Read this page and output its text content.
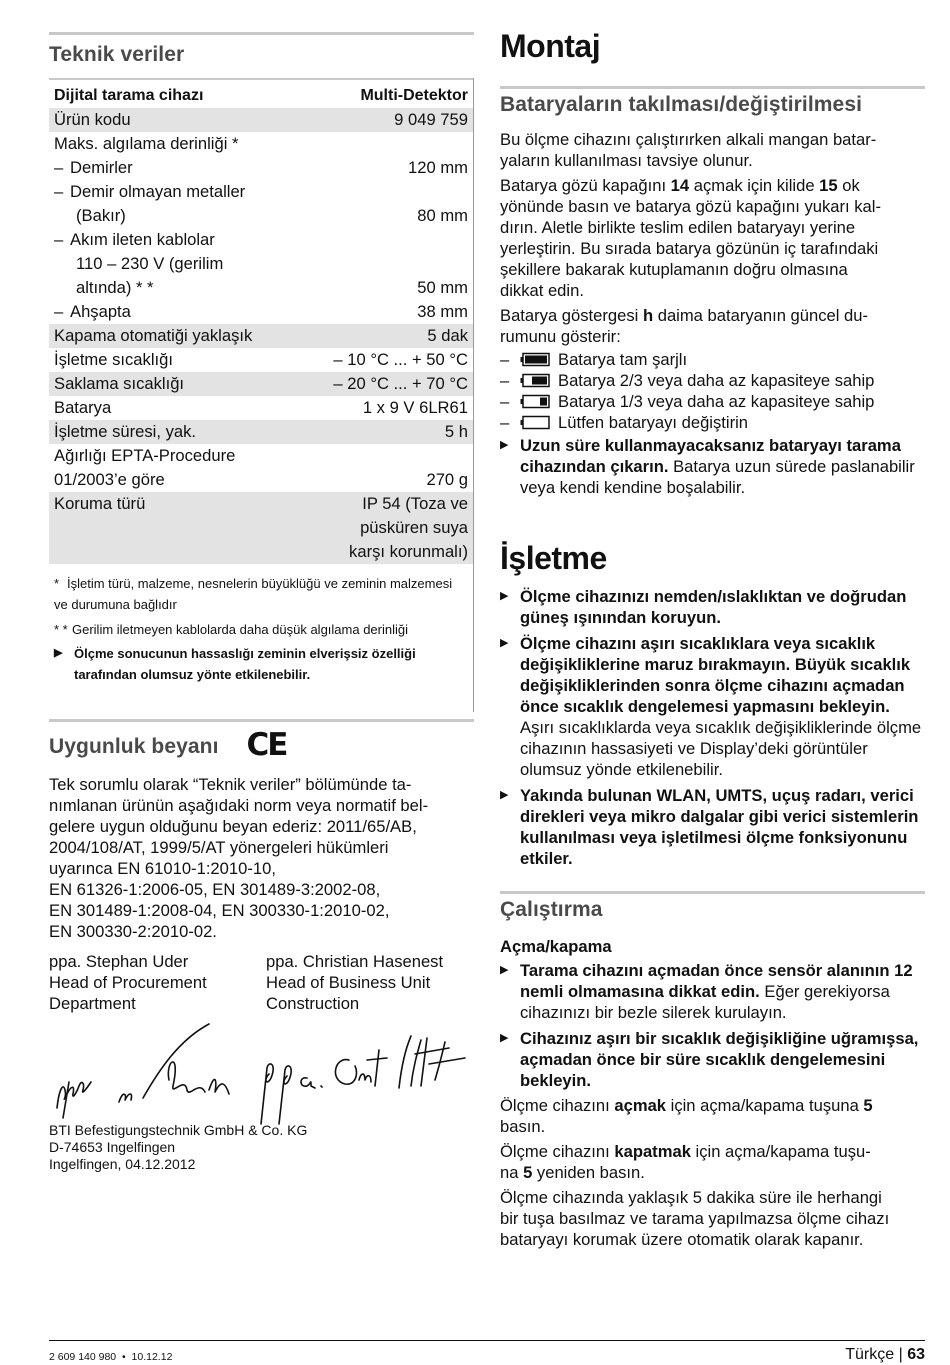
Teknik veriler
Dijital tarama cihazı	Multi-Detektor
Ürün kodu	9 049 759
Maks. algılama derinliği *
– Demirler	120 mm
– Demir olmayan metaller
(Bakır)	80 mm
– Akım ileten kablolar
110 – 230 V (gerilim
altında) * *	50 mm
– Ahşapta	38 mm
Kapama otomatiği yaklaşık	5 dak
İşletme sıcaklığı	– 10 °C ... + 50 °C
Saklama sıcaklığı	– 20 °C ... + 70 °C
Batarya	1 x 9 V 6LR61
İşletme süresi, yak.	5 h
Ağırlığı EPTA-Procedure
01/2003’e göre	270 g
Koruma türü	IP 54 (Toza ve
püsküren suya
karşı korunmalı)
* İşletim türü, malzeme, nesnelerin büyüklüğü ve zeminin malzemesi ve durumuna bağlıdır
* * Gerilim iletmeyen kablolarda daha düşük algılama derinliği
▶ Ölçme sonucunun hassaslığı zeminin elverişsiz özelliği tarafından olumsuz yönte etkilenebilir.
Uygunluk beyanı CE
Tek sorumlu olarak “Teknik veriler” bölümünde ta-
nımlanan ürünün aşağıdaki norm veya normatif bel-
gelere uygun olduğunu beyan ederiz: 2011/65/AB,
2004/108/AT, 1999/5/AT yönergeleri hükümleri
uyarınca EN 61010-1:2010-10,
EN 61326-1:2006-05, EN 301489-3:2002-08,
EN 301489-1:2008-04, EN 300330-1:2010-02,
EN 300330-2:2010-02.
ppa. Stephan Uder
Head of Procurement
Department
ppa. Christian Hasenest
Head of Business Unit
Construction
BTI Befestigungstechnik GmbH & Co. KG
D-74653 Ingelfingen
Ingelfingen, 04.12.2012
Montaj
Bataryaların takılması/değiştirilmesi
Bu ölçme cihazını çalıştırırken alkali mangan batar-
yaların kullanılması tavsiye olunur.
Batarya gözü kapağını 14 açmak için kilide 15 ok
yönünde basın ve batarya gözü kapağını yukarı kal-
dırın. Aletle birlikte teslim edilen bataryayı yerine
yerleştirin. Bu sırada batarya gözünün iç tarafındaki
şekillere bakarak kutuplamanın doğru olmasına
dikkat edin.
Batarya göstergesi h daima bataryanın güncel du-
rumunu gösterir:
–	Batarya tam şarjlı
–	Batarya 2/3 veya daha az kapasiteye sahip
–	Batarya 1/3 veya daha az kapasiteye sahip
–	Lütfen bataryayı değiştirin
▶ Uzun süre kullanmayacaksanız bataryayı tarama cihazından çıkarın. Batarya uzun sürede paslanabilir veya kendi kendine boşalabilir.
İşletme
▶ Ölçme cihazınızı nemden/ıslaklıktan ve doğrudan güneş ışınından koruyun.
▶ Ölçme cihazını aşırı sıcaklıklara veya sıcaklık değişikliklerine maruz bırakmayın. Büyük sıcaklık değişikliklerinden sonra ölçme cihazını açmadan önce sıcaklık dengelemesi yapmasını bekleyin. Aşırı sıcaklıklarda veya sıcaklık değişikliklerinde ölçme cihazının hassasiyeti ve Display’deki görüntüler olumsuz yönde etkilenebilir.
▶ Yakında bulunan WLAN, UMTS, uçuş radarı, verici direkleri veya mikro dalgalar gibi verici sistemlerin kullanılması veya işletilmesi ölçme fonksiyonunu etkiler.
Çalıştırma
Açma/kapama
▶ Tarama cihazını açmadan önce sensör alanının 12 nemli olmamasına dikkat edin. Eğer gerekiyorsa cihazınızı bir bezle silerek kurulayın.
▶ Cihazınız aşırı bir sıcaklık değişikliğine uğramışsa, açmadan önce bir süre sıcaklık dengelemesini bekleyin.
Ölçme cihazını açmak için açma/kapama tuşuna 5
basın.
Ölçme cihazını kapatmak için açma/kapama tuşu-
na 5 yeniden basın.
Ölçme cihazında yaklaşık 5 dakika süre ile herhangi
bir tuşa basılmaz ve tarama yapılmazsa ölçme cihazı
bataryayı korumak üzere otomatik olarak kapanır.
2 609 140 980 • 10.12.12	Türkçe | 63
